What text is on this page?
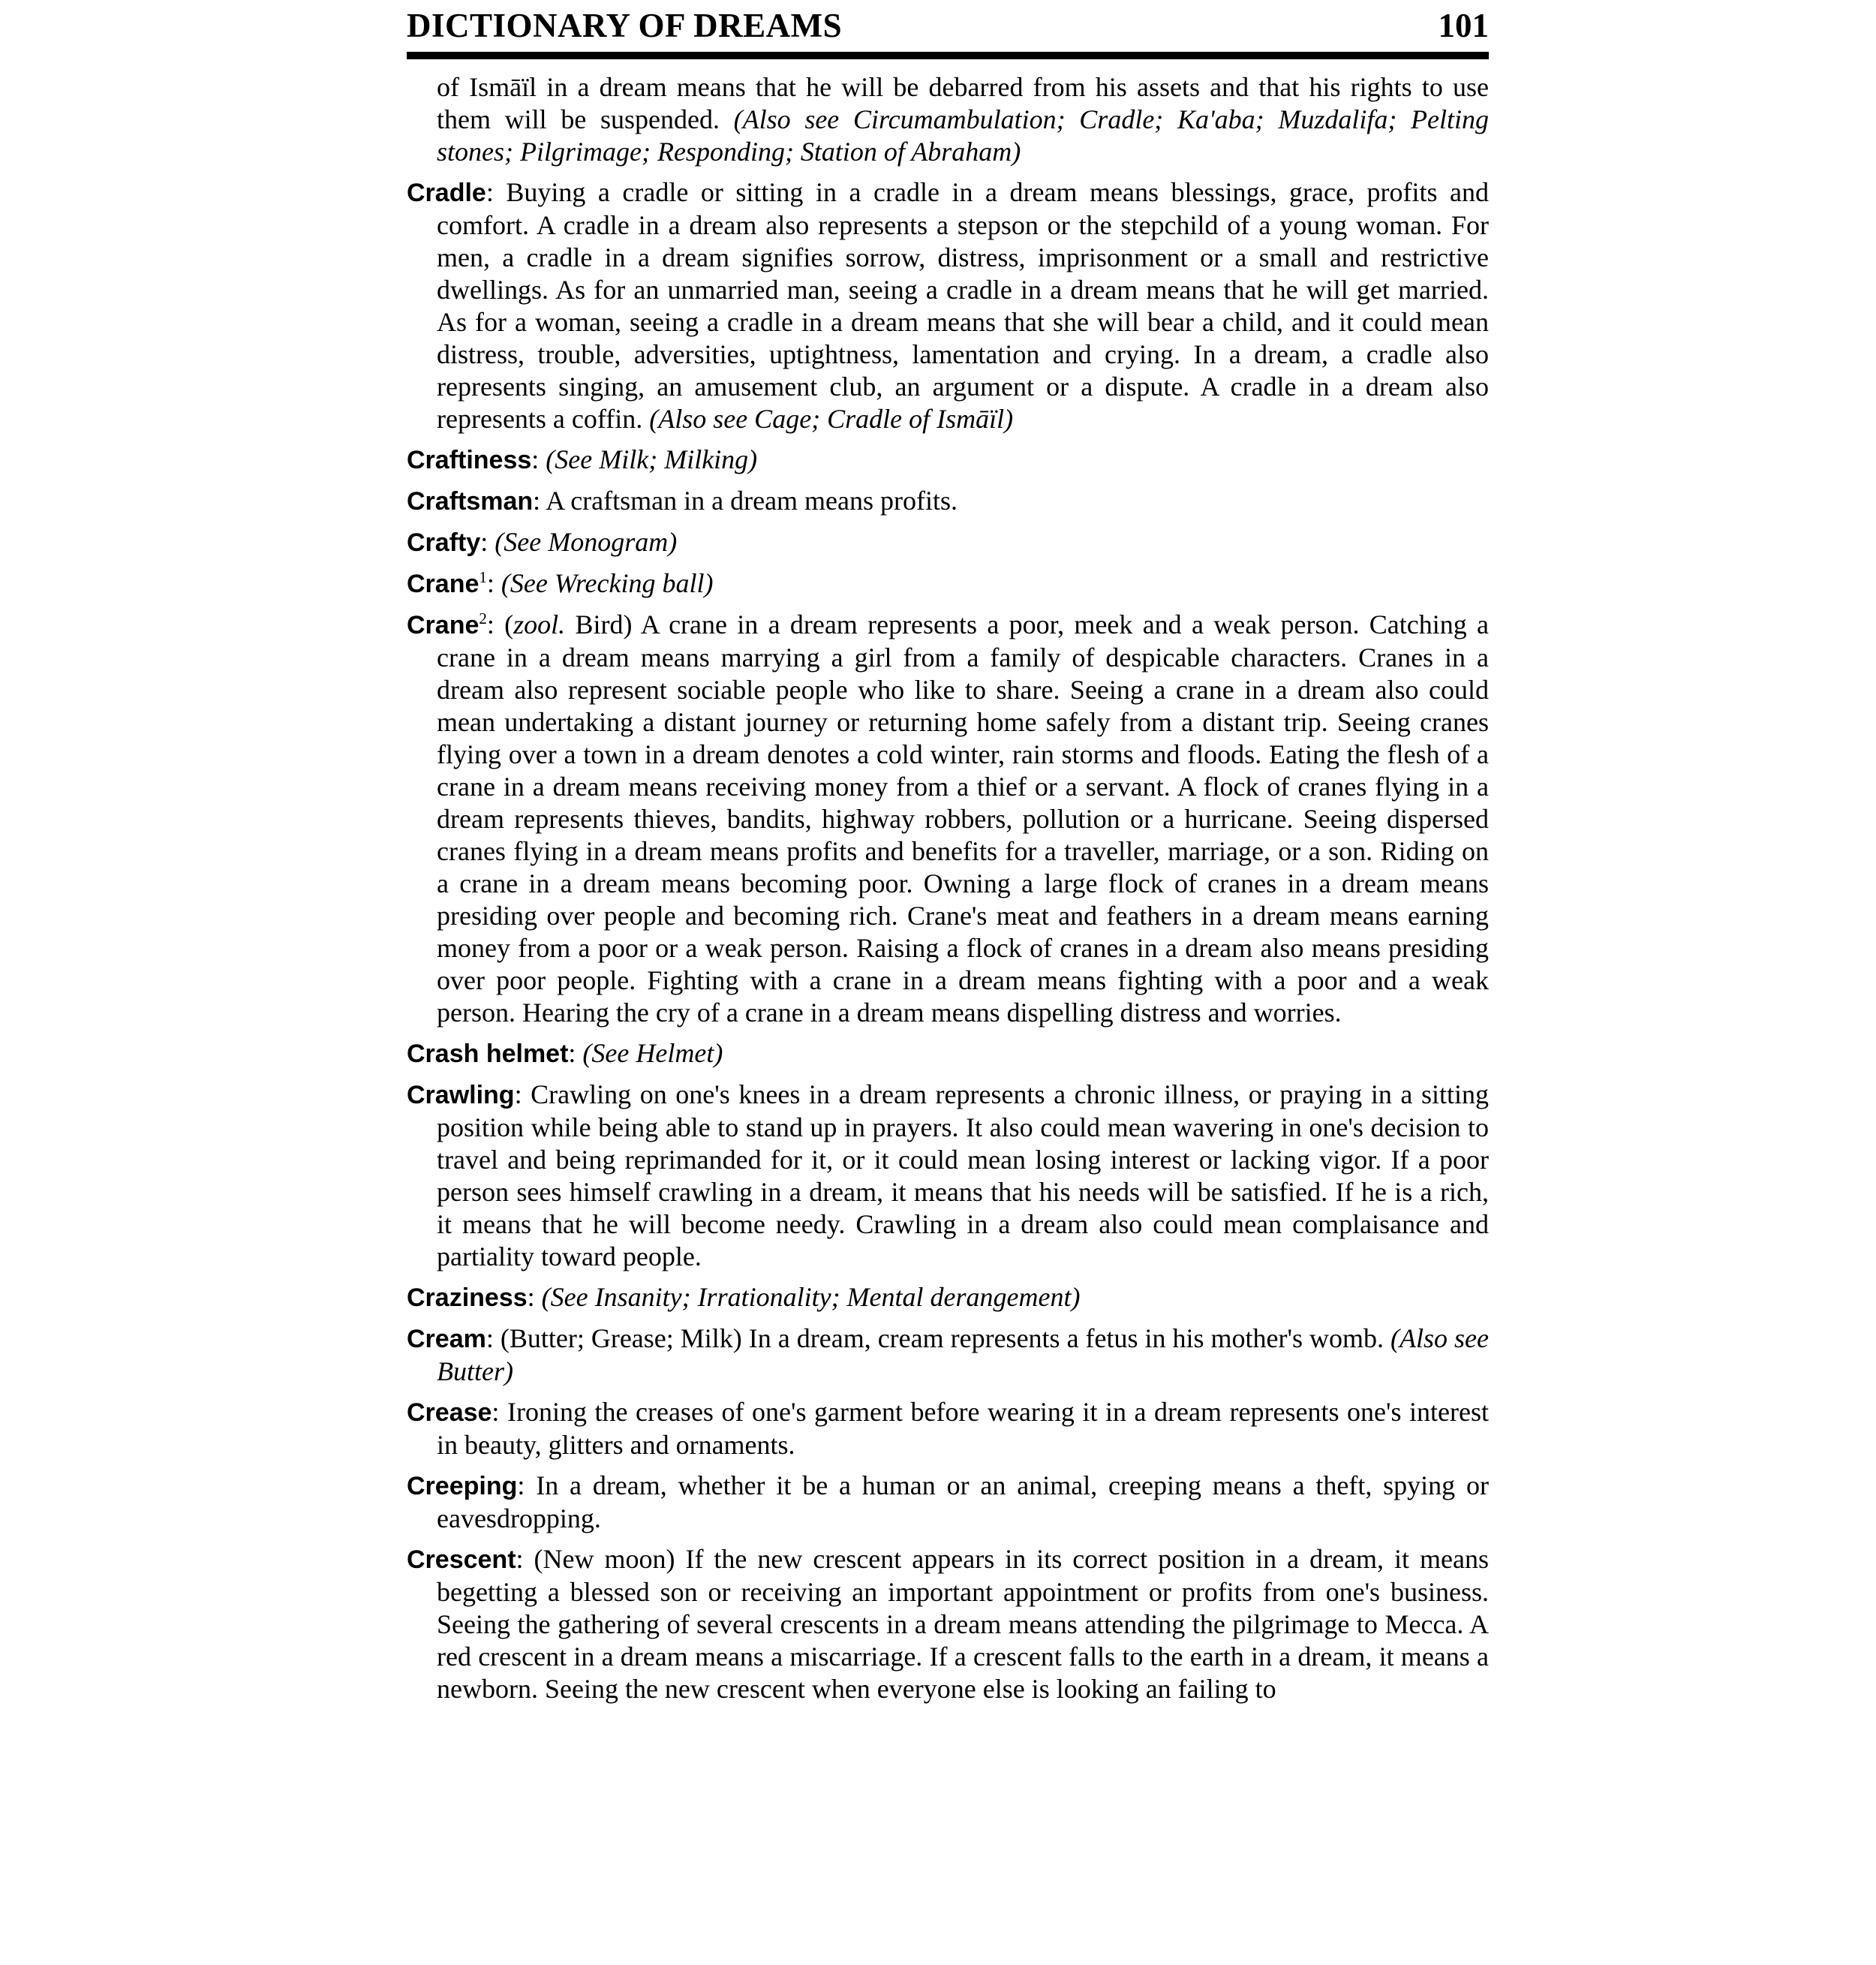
DICTIONARY OF DREAMS	101

of Ismāïl in a dream means that he will be debarred from his assets and that his rights to use them will be suspended. (Also see Circumambulation; Cradle; Ka'aba; Muzdalifa; Pelting stones; Pilgrimage; Responding; Station of Abraham)

Cradle: Buying a cradle or sitting in a cradle in a dream means blessings, grace, profits and comfort. A cradle in a dream also represents a stepson or the stepchild of a young woman. For men, a cradle in a dream signifies sorrow, distress, imprisonment or a small and restrictive dwellings. As for an unmarried man, seeing a cradle in a dream means that he will get married. As for a woman, seeing a cradle in a dream means that she will bear a child, and it could mean distress, trouble, adversities, uptightness, lamentation and crying. In a dream, a cradle also represents singing, an amusement club, an argument or a dispute. A cradle in a dream also represents a coffin. (Also see Cage; Cradle of Ismāïl)

Craftiness: (See Milk; Milking)

Craftsman: A craftsman in a dream means profits.

Crafty: (See Monogram)

Crane$^1$: (See Wrecking ball)

Crane$^2$: (zool. Bird) A crane in a dream represents a poor, meek and a weak person. Catching a crane in a dream means marrying a girl from a family of despicable characters. Cranes in a dream also represent sociable people who like to share. Seeing a crane in a dream also could mean undertaking a distant journey or returning home safely from a distant trip. Seeing cranes flying over a town in a dream denotes a cold winter, rain storms and floods. Eating the flesh of a crane in a dream means receiving money from a thief or a servant. A flock of cranes flying in a dream represents thieves, bandits, highway robbers, pollution or a hurricane. Seeing dispersed cranes flying in a dream means profits and benefits for a traveller, marriage, or a son. Riding on a crane in a dream means becoming poor. Owning a large flock of cranes in a dream means presiding over people and becoming rich. Crane's meat and feathers in a dream means earning money from a poor or a weak person. Raising a flock of cranes in a dream also means presiding over poor people. Fighting with a crane in a dream means fighting with a poor and a weak person. Hearing the cry of a crane in a dream means dispelling distress and worries.

Crash helmet: (See Helmet)

Crawling: Crawling on one's knees in a dream represents a chronic illness, or praying in a sitting position while being able to stand up in prayers. It also could mean wavering in one's decision to travel and being reprimanded for it, or it could mean losing interest or lacking vigor. If a poor person sees himself crawling in a dream, it means that his needs will be satisfied. If he is a rich, it means that he will become needy. Crawling in a dream also could mean complaisance and partiality toward people.

Craziness: (See Insanity; Irrationality; Mental derangement)

Cream: (Butter; Grease; Milk) In a dream, cream represents a fetus in his mother's womb. (Also see Butter)

Crease: Ironing the creases of one's garment before wearing it in a dream represents one's interest in beauty, glitters and ornaments.

Creeping: In a dream, whether it be a human or an animal, creeping means a theft, spying or eavesdropping.

Crescent: (New moon) If the new crescent appears in its correct position in a dream, it means begetting a blessed son or receiving an important appointment or profits from one's business. Seeing the gathering of several crescents in a dream means attending the pilgrimage to Mecca. A red crescent in a dream means a miscarriage. If a crescent falls to the earth in a dream, it means a newborn. Seeing the new crescent when everyone else is looking an failing to
